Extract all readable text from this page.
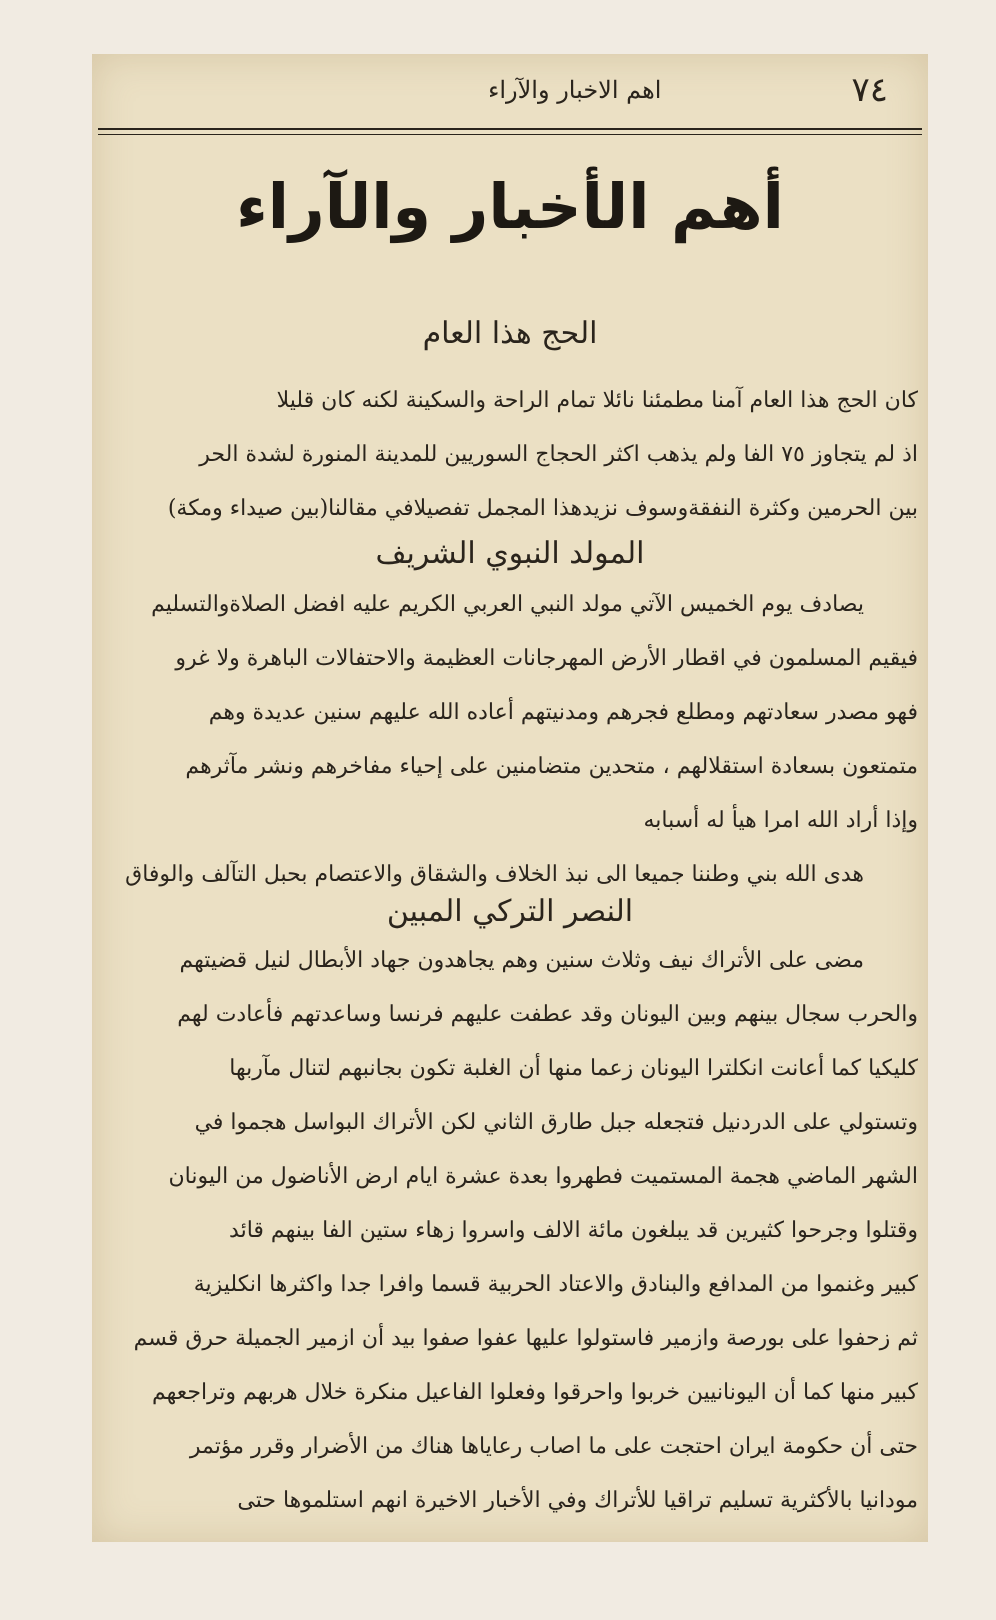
٧٤
اهم الاخبار والآراء
أهم الأخبار والآراء
الحج هذا العام
كان الحج هذا العام آمنا مطمئنا نائلا تمام الراحة والسكينة لكنه كان قليلا
اذ لم يتجاوز ٧٥ الفا ولم يذهب اكثر الحجاج السوريين للمدينة المنورة لشدة الحر
بين الحرمين وكثرة النفقةوسوف نزيدهذا المجمل تفصيلافي مقالنا(بين صيداء ومكة)
المولد النبوي الشريف
يصادف يوم الخميس الآتي مولد النبي العربي الكريم عليه افضل الصلاةوالتسليم
فيقيم المسلمون في اقطار الأرض المهرجانات العظيمة والاحتفالات الباهرة ولا غرو
فهو مصدر سعادتهم ومطلع فجرهم ومدنيتهم أعاده الله عليهم سنين عديدة وهم
متمتعون بسعادة استقلالهم ، متحدين متضامنين على إحياء مفاخرهم ونشر مآثرهم
وإذا أراد الله امرا هيأ له أسبابه
هدى الله بني وطننا جميعا الى نبذ الخلاف والشقاق والاعتصام بحبل التآلف والوفاق
النصر التركي المبين
مضى على الأتراك نيف وثلاث سنين وهم يجاهدون جهاد الأبطال لنيل قضيتهم
والحرب سجال بينهم وبين اليونان وقد عطفت عليهم فرنسا وساعدتهم فأعادت لهم
كليكيا كما أعانت انكلترا اليونان زعما منها أن الغلبة تكون بجانبهم لتنال مآربها
وتستولي على الدردنيل فتجعله جبل طارق الثاني لكن الأتراك البواسل هجموا في
الشهر الماضي هجمة المستميت فطهروا بعدة عشرة ايام ارض الأناضول من اليونان
وقتلوا وجرحوا كثيرين قد يبلغون مائة الالف واسروا زهاء ستين الفا بينهم قائد
كبير وغنموا من المدافع والبنادق والاعتاد الحربية قسما وافرا جدا واكثرها انكليزية
ثم زحفوا على بورصة وازمير فاستولوا عليها عفوا صفوا بيد أن ازمير الجميلة حرق قسم
كبير منها كما أن اليونانيين خربوا واحرقوا وفعلوا الفاعيل منكرة خلال هربهم وتراجعهم
حتى أن حكومة ايران احتجت على ما اصاب رعاياها هناك من الأضرار وقرر مؤتمر
مودانيا بالأكثرية تسليم تراقيا للأتراك وفي الأخبار الاخيرة انهم استلموها حتى
